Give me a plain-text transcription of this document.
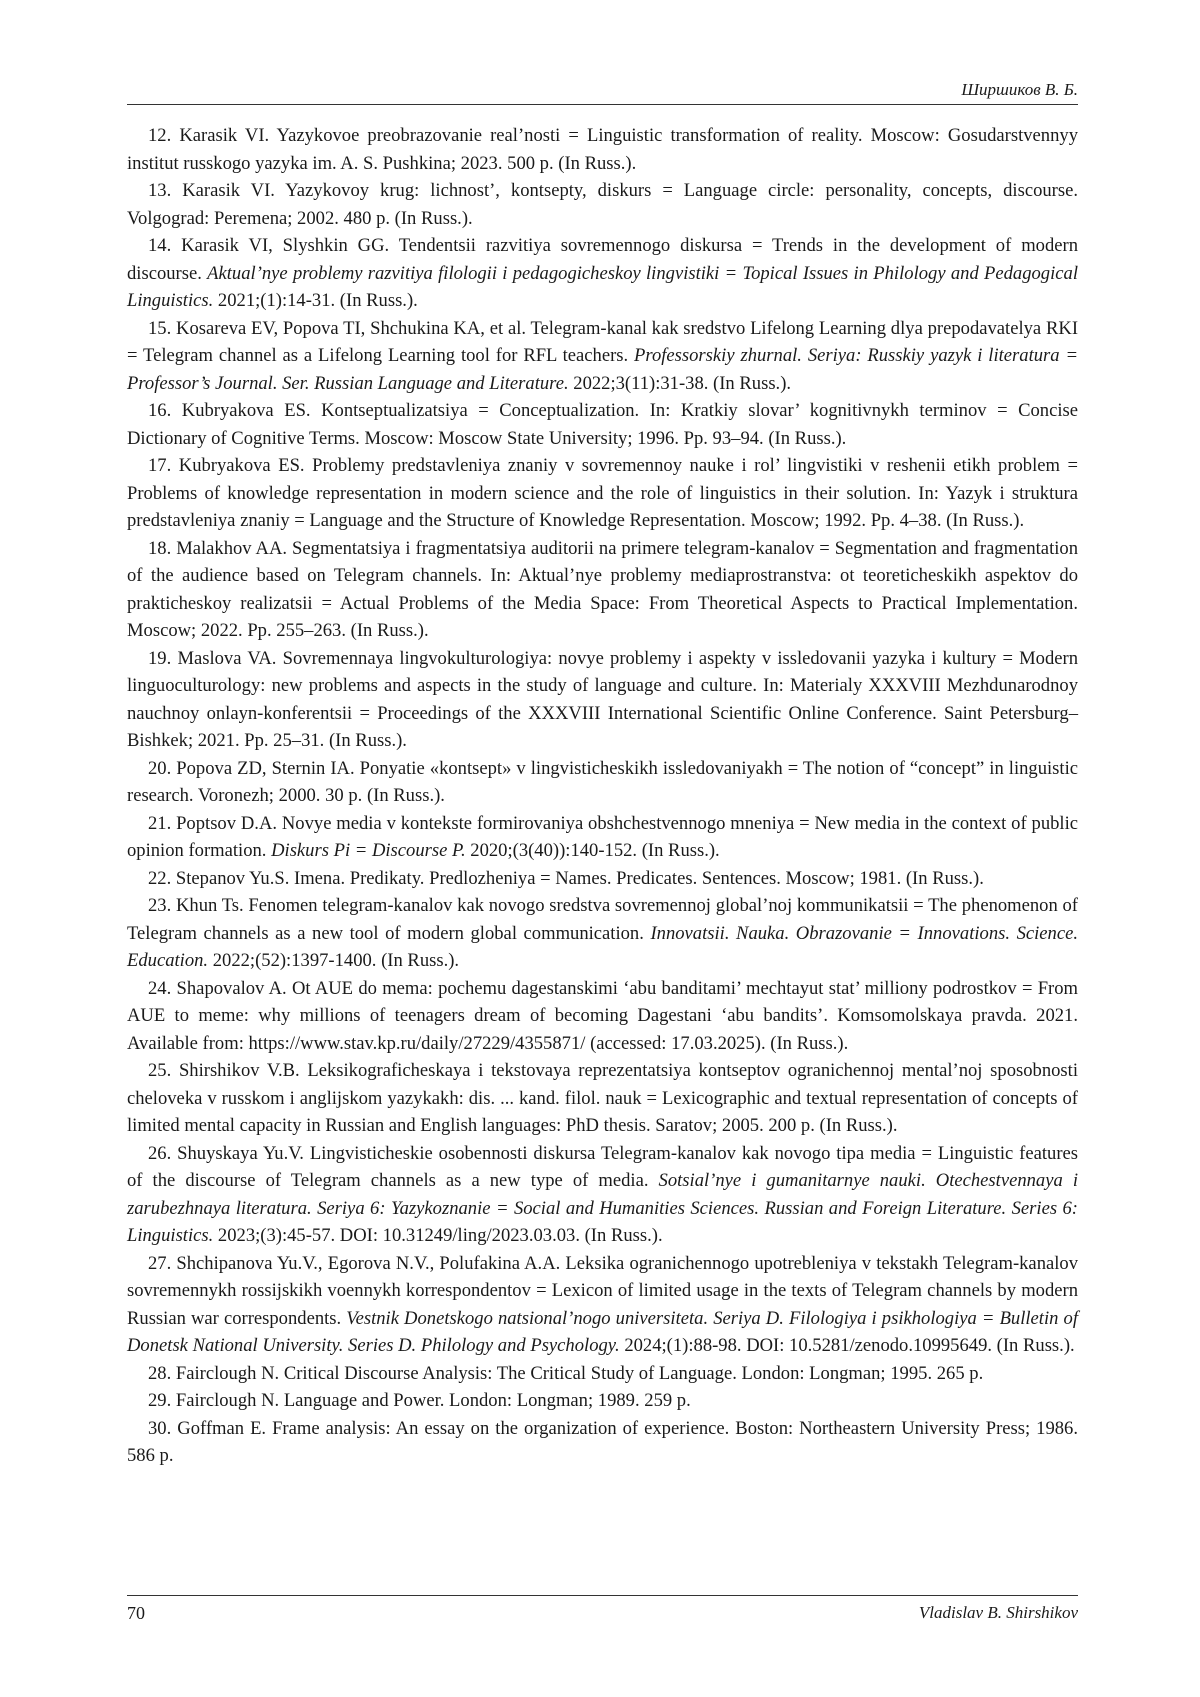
Ширшиков В. Б.
12. Karasik VI. Yazykovoe preobrazovanie real’nosti = Linguistic transformation of reality. Moscow: Gosudarstvennyy institut russkogo yazyka im. A. S. Pushkina; 2023. 500 p. (In Russ.).
13. Karasik VI. Yazykovoy krug: lichnost’, kontsepty, diskurs = Language circle: personality, concepts, discourse. Volgograd: Peremena; 2002. 480 p. (In Russ.).
14. Karasik VI, Slyshkin GG. Tendentsii razvitiya sovremennogo diskursa = Trends in the development of modern discourse. Aktual’nye problemy razvitiya filologii i pedagogicheskoy lingvistiki = Topical Issues in Philology and Pedagogical Linguistics. 2021;(1):14-31. (In Russ.).
15. Kosareva EV, Popova TI, Shchukina KA, et al. Telegram-kanal kak sredstvo Lifelong Learning dlya prepodavatelya RKI = Telegram channel as a Lifelong Learning tool for RFL teachers. Professorskiy zhurnal. Seriya: Russkiy yazyk i literatura = Professor’s Journal. Ser. Russian Language and Literature. 2022;3(11):31-38. (In Russ.).
16. Kubryakova ES. Kontseptualizatsiya = Conceptualization. In: Kratkiy slovar’ kognitivnykh terminov = Concise Dictionary of Cognitive Terms. Moscow: Moscow State University; 1996. Pp. 93–94. (In Russ.).
17. Kubryakova ES. Problemy predstavleniya znaniy v sovremennoy nauke i rol’ lingvistiki v reshenii etikh problem = Problems of knowledge representation in modern science and the role of linguistics in their solution. In: Yazyk i struktura predstavleniya znaniy = Language and the Structure of Knowledge Representation. Moscow; 1992. Pp. 4–38. (In Russ.).
18. Malakhov AA. Segmentatsiya i fragmentatsiya auditorii na primere telegram-kanalov = Segmentation and fragmentation of the audience based on Telegram channels. In: Aktual’nye problemy mediaprostranstva: ot teoreticheskikh aspektov do prakticheskoy realizatsii = Actual Problems of the Media Space: From Theoretical Aspects to Practical Implementation. Moscow; 2022. Pp. 255–263. (In Russ.).
19. Maslova VA. Sovremennaya lingvokulturologiya: novye problemy i aspekty v issledovanii yazyka i kultury = Modern linguoculturology: new problems and aspects in the study of language and culture. In: Materialy XXXVIII Mezhdunarodnoy nauchnoy onlayn-konferentsii = Proceedings of the XXXVIII International Scientific Online Conference. Saint Petersburg–Bishkek; 2021. Pp. 25–31. (In Russ.).
20. Popova ZD, Sternin IA. Ponyatie «kontsept» v lingvisticheskikh issledovaniyakh = The notion of “concept” in linguistic research. Voronezh; 2000. 30 p. (In Russ.).
21. Poptsov D.A. Novye media v kontekste formirovaniya obshchestvennogo mneniya = New media in the context of public opinion formation. Diskurs Pi = Discourse P. 2020;(3(40)):140-152. (In Russ.).
22. Stepanov Yu.S. Imena. Predikaty. Predlozheniya = Names. Predicates. Sentences. Moscow; 1981. (In Russ.).
23. Khun Ts. Fenomen telegram-kanalov kak novogo sredstva sovremennoj global’noj kommunikatsii = The phenomenon of Telegram channels as a new tool of modern global communication. Innovatsii. Nauka. Obrazovanie = Innovations. Science. Education. 2022;(52):1397-1400. (In Russ.).
24. Shapovalov A. Ot AUE do mema: pochemu dagestanskimi ‘abu banditami’ mechtayut stat’ milliony podrostkov = From AUE to meme: why millions of teenagers dream of becoming Dagestani ‘abu bandits’. Komsomolskaya pravda. 2021. Available from: https://www.stav.kp.ru/daily/27229/4355871/ (accessed: 17.03.2025). (In Russ.).
25. Shirshikov V.B. Leksikograficheskaya i tekstovaya reprezentatsiya kontseptov ogranichennoj mental’noj sposobnosti cheloveka v russkom i anglijskom yazykakh: dis. ... kand. filol. nauk = Lexicographic and textual representation of concepts of limited mental capacity in Russian and English languages: PhD thesis. Saratov; 2005. 200 p. (In Russ.).
26. Shuyskaya Yu.V. Lingvisticheskie osobennosti diskursa Telegram-kanalov kak novogo tipa media = Linguistic features of the discourse of Telegram channels as a new type of media. Sotsial’nye i gumanitarnye nauki. Otechestvennaya i zarubezhnaya literatura. Seriya 6: Yazykoznanie = Social and Humanities Sciences. Russian and Foreign Literature. Series 6: Linguistics. 2023;(3):45-57. DOI: 10.31249/ling/2023.03.03. (In Russ.).
27. Shchipanova Yu.V., Egorova N.V., Polufakina A.A. Leksika ogranichennogo upotrebleniya v tekstakh Telegram-kanalov sovremennykh rossijskikh voennykh korrespondentov = Lexicon of limited usage in the texts of Telegram channels by modern Russian war correspondents. Vestnik Donetskogo natsional’nogo universiteta. Seriya D. Filologiya i psikhologiya = Bulletin of Donetsk National University. Series D. Philology and Psychology. 2024;(1):88-98. DOI: 10.5281/zenodo.10995649. (In Russ.).
28. Fairclough N. Critical Discourse Analysis: The Critical Study of Language. London: Longman; 1995. 265 p.
29. Fairclough N. Language and Power. London: Longman; 1989. 259 p.
30. Goffman E. Frame analysis: An essay on the organization of experience. Boston: Northeastern University Press; 1986. 586 p.
70	Vladislav B. Shirshikov
